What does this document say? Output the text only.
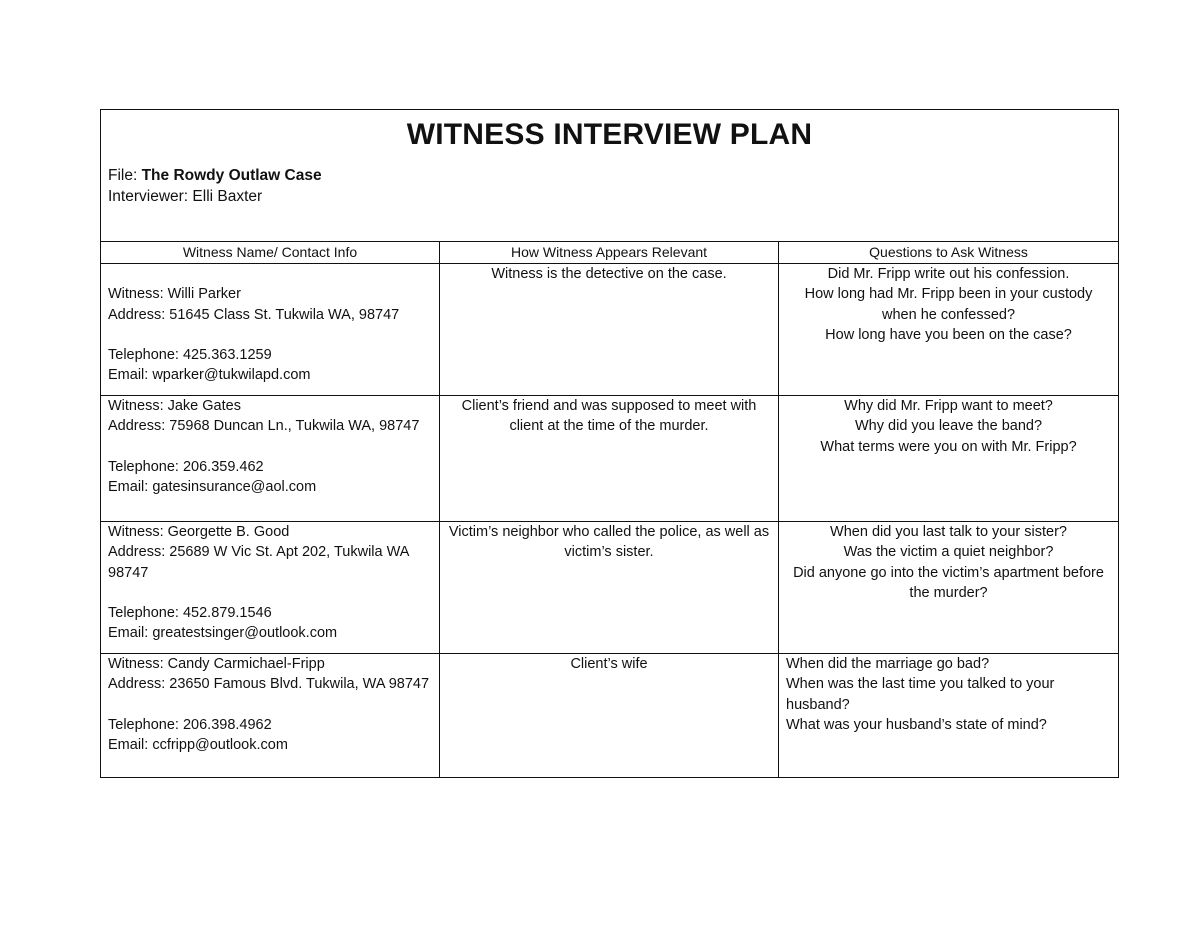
WITNESS INTERVIEW PLAN
File: The Rowdy Outlaw Case
Interviewer: Elli Baxter		

Witness Name/ Contact Info	How Witness Appears Relevant	Questions to Ask Witness

Witness: Willi Parker
Address: 51645 Class St. Tukwila WA, 98747
Telephone: 425.363.1259
Email: wparker@tukwilapd.com	Witness is the detective on the case.	Did Mr. Fripp write out his confession.
How long had Mr. Fripp been in your custody when he confessed?
How long have you been on the case?

Witness: Jake Gates
Address: 75968 Duncan Ln., Tukwila WA, 98747
Telephone: 206.359.462
Email: gatesinsurance@aol.com	Client’s friend and was supposed to meet with client at the time of the murder.	Why did Mr. Fripp want to meet?
Why did you leave the band?
What terms were you on with Mr. Fripp?

Witness: Georgette B. Good
Address: 25689 W Vic St. Apt 202, Tukwila WA 98747
Telephone: 452.879.1546
Email: greatestsinger@outlook.com	Victim’s neighbor who called the police, as well as victim’s sister.	When did you last talk to your sister?
Was the victim a quiet neighbor?
Did anyone go into the victim’s apartment before the murder?

Witness: Candy Carmichael-Fripp
Address: 23650 Famous Blvd. Tukwila, WA 98747
Telephone: 206.398.4962
Email: ccfripp@outlook.com	Client’s wife	When did the marriage go bad?
When was the last time you talked to your husband?
What was your husband’s state of mind?
